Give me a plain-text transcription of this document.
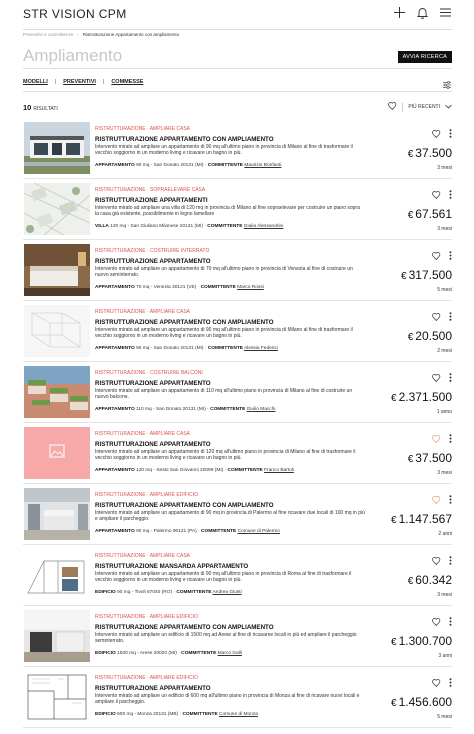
STR VISION CPM
Preventivi e committenze › Ristrutturazione Appartamento con ampliamento
Ampliamento	AVVIA RICERCA
MODELLI | PREVENTIVI | COMMESSE
10 RISULTATI	PIÙ RECENTI
RISTRUTTURAZIONE · AMPLIARE CASA
RISTRUTTURAZIONE APPARTAMENTO CON AMPLIAMENTO
Intervento mirato ad ampliare un appartamento di 90 mq all'ultimo piano in provincia di Milano al fine di trasformare il vecchio soggiorno in un moderno living e ricavare un bagno in più.
APPARTAMENTO 90 mq - San Donato 20131 (MI) · COMMITTENTE Maurizio Bonfanti
€ 37.500
3 mesi
RISTRUTTURAZIONE · SOPRAELEVARE CASA
RISTRUTTURAZIONE APPARTAMENTI
Intervento mirato ad ampliare una villa di 120 mq in provincia di Milano al fine sopraelevare per costruire un piano sopra la casa già esistente, possibilmente in legno lamellare
VILLA 120 mq - San Giuliano Milanese 20131 (MI) · COMMITTENTE Giulia Alessandrini
€ 67.561
3 mesi
RISTRUTTURAZIONE · COSTRUIRE INTERRATO
RISTRUTTURAZIONE APPARTAMENTO
Intervento mirato ad ampliare un appartamento di 70 mq all'ultimo piano in provincia di Venezia al fine di costruire un nuovo seminterrato.
APPARTAMENTO 70 mq - Venezia 30121 (VE) · COMMITTENTE Marco Rossi
€ 317.500
5 mesi
RISTRUTTURAZIONE · AMPLIARE CASA
RISTRUTTURAZIONE APPARTAMENTO CON AMPLIAMENTO
Intervento mirato ad ampliare un appartamento di 90 mq all'ultimo piano in provincia di Milano al fine di trasformare il vecchio soggiorno in un moderno living e ricavare un bagno in più.
APPARTAMENTO 90 mq - San Donato 20131 (MI) · COMMITTENTE Alessia Federici
€ 20.500
2 mesi
RISTRUTTURAZIONE · COSTRUIRE BALCONI
RISTRUTTURAZIONE APPARTAMENTO
Intervento mirato ad ampliare un appartamento di 110 mq all'ultimo piano in provincia di Milano al fine di costruire un nuovo balcone.
APPARTAMENTO 110 mq - San Donato 20131 (MI) · COMMITTENTE Giulio Macchi
€ 2.371.500
1 anno
RISTRUTTURAZIONE · AMPLIARE CASA
RISTRUTTURAZIONE APPARTAMENTO
Intervento mirato ad ampliare un appartamento di 120 mq all'ultimo piano in provincia di Milano al fine di trasformare il vecchio soggiorno in un moderno living e ricavare un bagno in più.
APPARTAMENTO 120 mq - Sesto San Giovanni 20099 (MI) · COMMITTENTE Franco Bartoli
€ 37.500
3 mesi
RISTRUTTURAZIONE · AMPLIARE EDIFICIO
RISTRUTTURAZIONE APPARTAMENTO CON AMPLIAMENTO
Intervento mirato ad ampliare un appartamento di 90 mq in provincia di Palermo al fine ricavare due locali di 100 mq in più e ampliare il parcheggio.
APPARTAMENTO 90 mq - Palermo 90121 (PA) · COMMITTENTE Comune di Palermo
€ 1.147.567
2 anni
RISTRUTTURAZIONE · AMPLIARE CASA
RISTRUTTURAZIONE MANSARDA APPARTAMENTO
Intervento mirato ad ampliare un appartamento di 90 mq all'ultimo piano in provincia di Roma al fine di trasformare il vecchio soggiorno in un moderno living e ricavare un bagno in più.
EDIFICIO 90 mq - Tivoli 87040 (RO) · COMMITTENTE Andrea Giusti
€ 60.342
3 mesi
RISTRUTTURAZIONE · AMPLIARE EDIFICIO
RISTRUTTURAZIONE APPARTAMENTO CON AMPLIAMENTO
Intervento mirato ad ampliare un edificio di 1500 mq ad Arese al fine di ricavarne locali in più ed ampliare il parcheggio seminterrato.
EDIFICIO 1500 mq - Arese 20020 (MI) · COMMITTENTE Marco Galli
€ 1.300.700
3 anni
RISTRUTTURAZIONE · AMPLIARE EDIFICIO
RISTRUTTURAZIONE APPARTAMENTO
Intervento mirato ad ampliare un edificio di 600 mq all'ultimo piano in provincia di Monza al fine di ricavare nuovi locali e ampliare il parcheggio.
EDIFICIO 600 mq - Monza 20131 (MB) · COMMITTENTE Comune di Monza
€ 1.456.600
5 mesi
